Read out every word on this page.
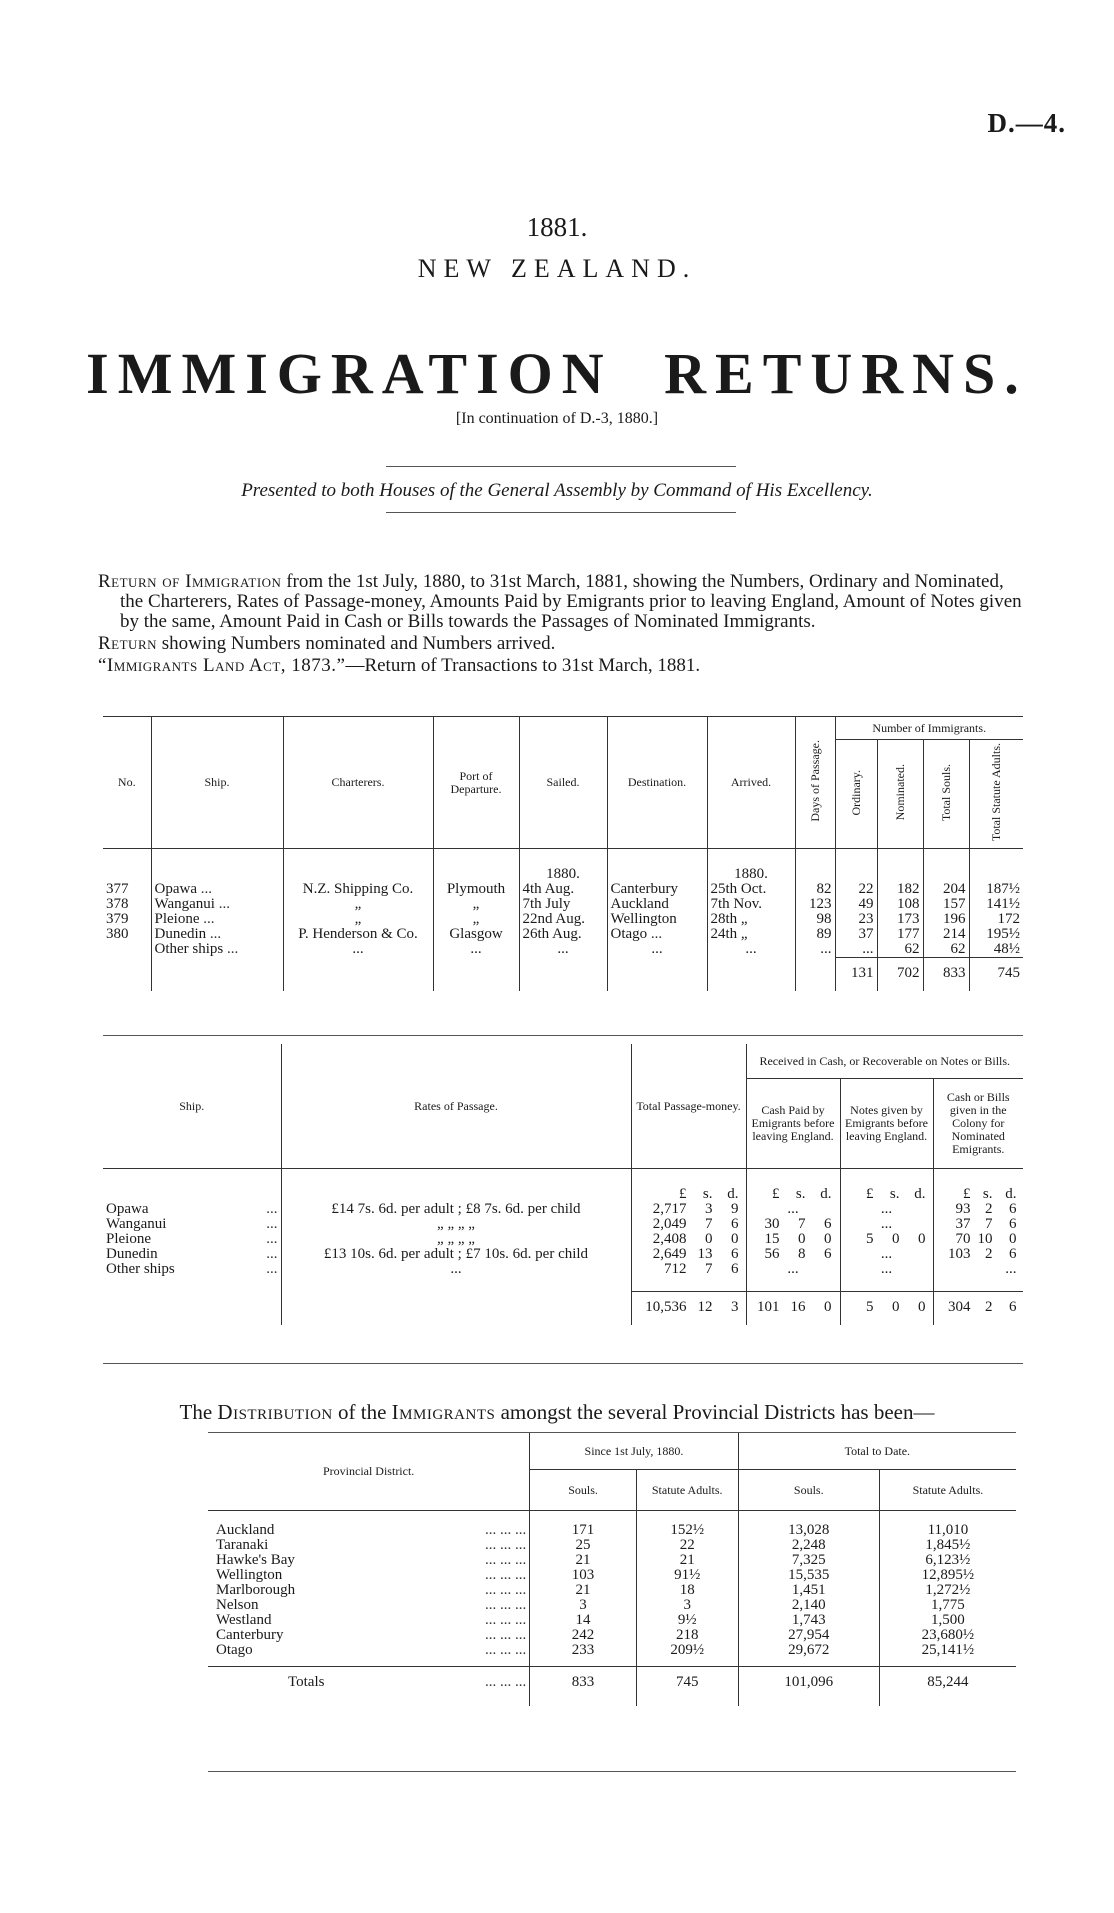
D.—4.
1881.
NEW ZEALAND.
IMMIGRATION RETURNS.
[In continuation of D.-3, 1880.]
Presented to both Houses of the General Assembly by Command of His Excellency.
Return of Immigration from the 1st July, 1880, to 31st March, 1881, showing the Numbers, Ordinary and Nominated, the Charterers, Rates of Passage-money, Amounts Paid by Emigrants prior to leaving England, Amount of Notes given by the same, Amount Paid in Cash or Bills towards the Passages of Nominated Immigrants.
Return showing Numbers nominated and Numbers arrived.
“Immigrants Land Act, 1873.”—Return of Transactions to 31st March, 1881.
No.	Ship.	Charterers.	Port of Departure.	Sailed.	Destination.	Arrived.	Days of Passage.	Number of Immigrants.			
								Ordinary.	Nominated.	Total Souls.	Total Statute Adults.
				1880.		1880.					
377	Opawa ...	N.Z. Shipping Co.	Plymouth	4th Aug.	Canterbury	25th Oct.	82	22	182	204	187½
378	Wanganui ...	„	„	7th July	Auckland	7th Nov.	123	49	108	157	141½
379	Pleione ...	„	„	22nd Aug.	Wellington	28th „	98	23	173	196	172
380	Dunedin ...	P. Henderson & Co.	Glasgow	26th Aug.	Otago ...	24th „	89	37	177	214	195½
	Other ships ...	...	...	...	...	...	...	...	62	62	48½
								131	702	833	745
Ship.	Rates of Passage.	Total Passage-money.	Received in Cash, or Recoverable on Notes or Bills.		
			Cash Paid by Emigrants before leaving England.	Notes given by Emigrants before leaving England.	Cash or Bills given in the Colony for Nominated Emigrants.
		£ s. d.	£ s. d.	£ s. d.	£ s. d.
Opawa ...	£14 7s. 6d. per adult ; £8 7s. 6d. per child	2,717 3 9	...	...	93 2 6
Wanganui ...	„ „ „ „	2,049 7 6	30 7 6	...	37 7 6
Pleione ...	„ „ „ „	2,408 0 0	15 0 0	5 0 0	70 10 0
Dunedin ...	£13 10s. 6d. per adult ; £7 10s. 6d. per child	2,649 13 6	56 8 6	...	103 2 6
Other ships ...	...	712 7 6	...	...	...
		10,536 12 3	101 16 0	5 0 0	304 2 6
The Distribution of the Immigrants amongst the several Provincial Districts has been—
Provincial District.	Since 1st July, 1880.		Total to Date.	
	Souls.	Statute Adults.	Souls.	Statute Adults.

Auckland ... ... ...	171	152½	13,028	11,010
Taranaki ... ... ...	25	22	2,248	1,845½
Hawke's Bay ... ... ...	21	21	7,325	6,123½
Wellington ... ... ...	103	91½	15,535	12,895½
Marlborough ... ... ...	21	18	1,451	1,272½
Nelson ... ... ...	3	3	2,140	1,775
Westland ... ... ...	14	9½	1,743	1,500
Canterbury ... ... ...	242	218	27,954	23,680½
Otago ... ... ...	233	209½	29,672	25,141½
Totals ... ... ...	833	745	101,096	85,244
